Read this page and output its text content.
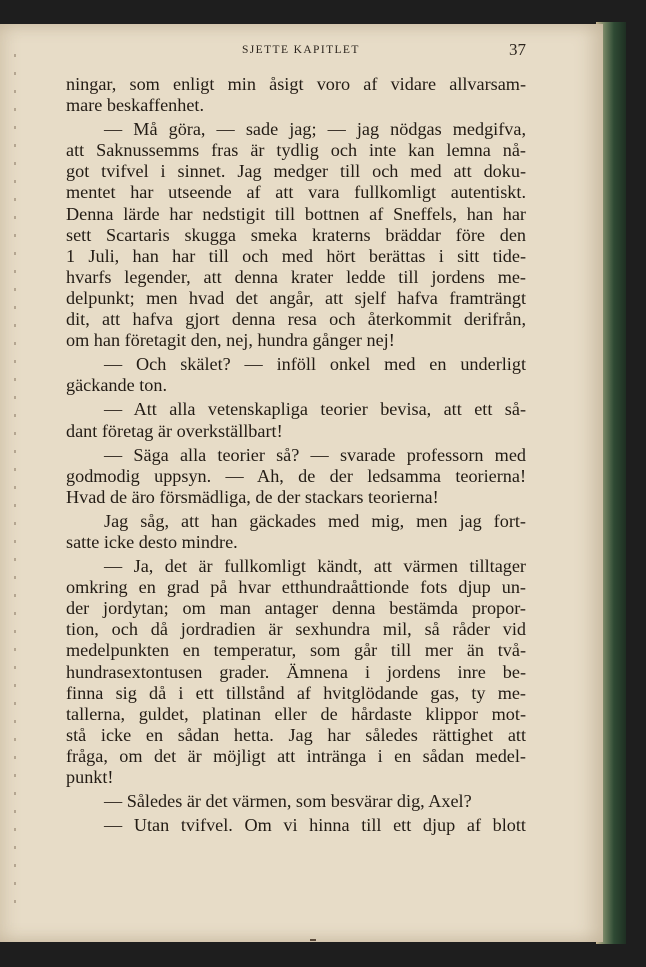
SJETTE KAPITLET	37
ningar, som enligt min åsigt voro af vidare allvarsam-
mare beskaffenhet.
— Må göra, — sade jag; — jag nödgas medgifva,
att Saknussemms fras är tydlig och inte kan lemna nå-
got tvifvel i sinnet. Jag medger till och med att doku-
mentet har utseende af att vara fullkomligt autentiskt.
Denna lärde har nedstigit till bottnen af Sneffels, han har
sett Scartaris skugga smeka kraterns bräddar före den
1 Juli, han har till och med hört berättas i sitt tide-
hvarfs legender, att denna krater ledde till jordens me-
delpunkt; men hvad det angår, att sjelf hafva framträngt
dit, att hafva gjort denna resa och återkommit derifrån,
om han företagit den, nej, hundra gånger nej!
— Och skälet? — inföll onkel med en underligt
gäckande ton.
— Att alla vetenskapliga teorier bevisa, att ett så-
dant företag är overkställbart!
— Säga alla teorier så? — svarade professorn med
godmodig uppsyn. — Ah, de der ledsamma teorierna!
Hvad de äro försmädliga, de der stackars teorierna!
Jag såg, att han gäckades med mig, men jag fort-
satte icke desto mindre.
— Ja, det är fullkomligt kändt, att värmen tilltager
omkring en grad på hvar etthundraåttionde fots djup un-
der jordytan; om man antager denna bestämda propor-
tion, och då jordradien är sexhundra mil, så råder vid
medelpunkten en temperatur, som går till mer än två-
hundrasextontusen grader. Ämnena i jordens inre be-
finna sig då i ett tillstånd af hvitglödande gas, ty me-
tallerna, guldet, platinan eller de hårdaste klippor mot-
stå icke en sådan hetta. Jag har således rättighet att
fråga, om det är möjligt att intränga i en sådan medel-
punkt!
— Således är det värmen, som besvärar dig, Axel?
— Utan tvifvel. Om vi hinna till ett djup af blott
